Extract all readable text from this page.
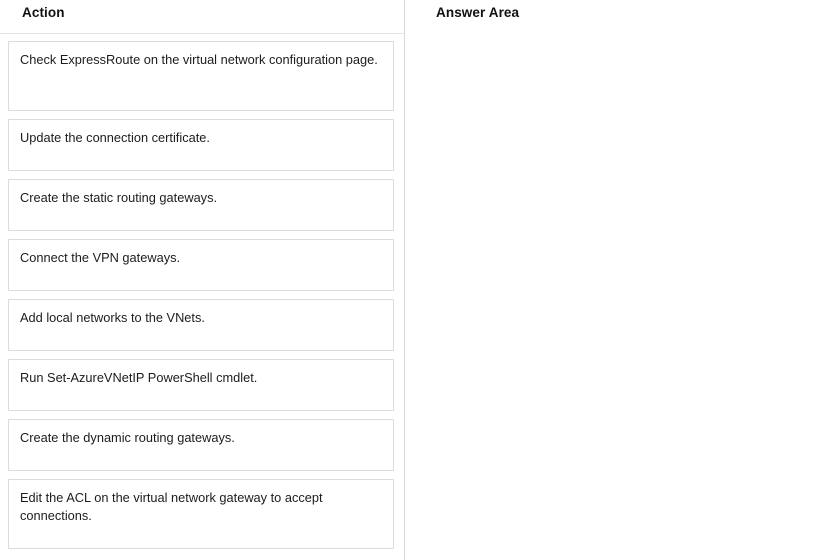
Action
Check ExpressRoute on the virtual network configuration page.
Update the connection certificate.
Create the static routing gateways.
Connect the VPN gateways.
Add local networks to the VNets.
Run Set-AzureVNetIP PowerShell cmdlet.
Create the dynamic routing gateways.
Edit the ACL on the virtual network gateway to accept connections.
Answer Area
